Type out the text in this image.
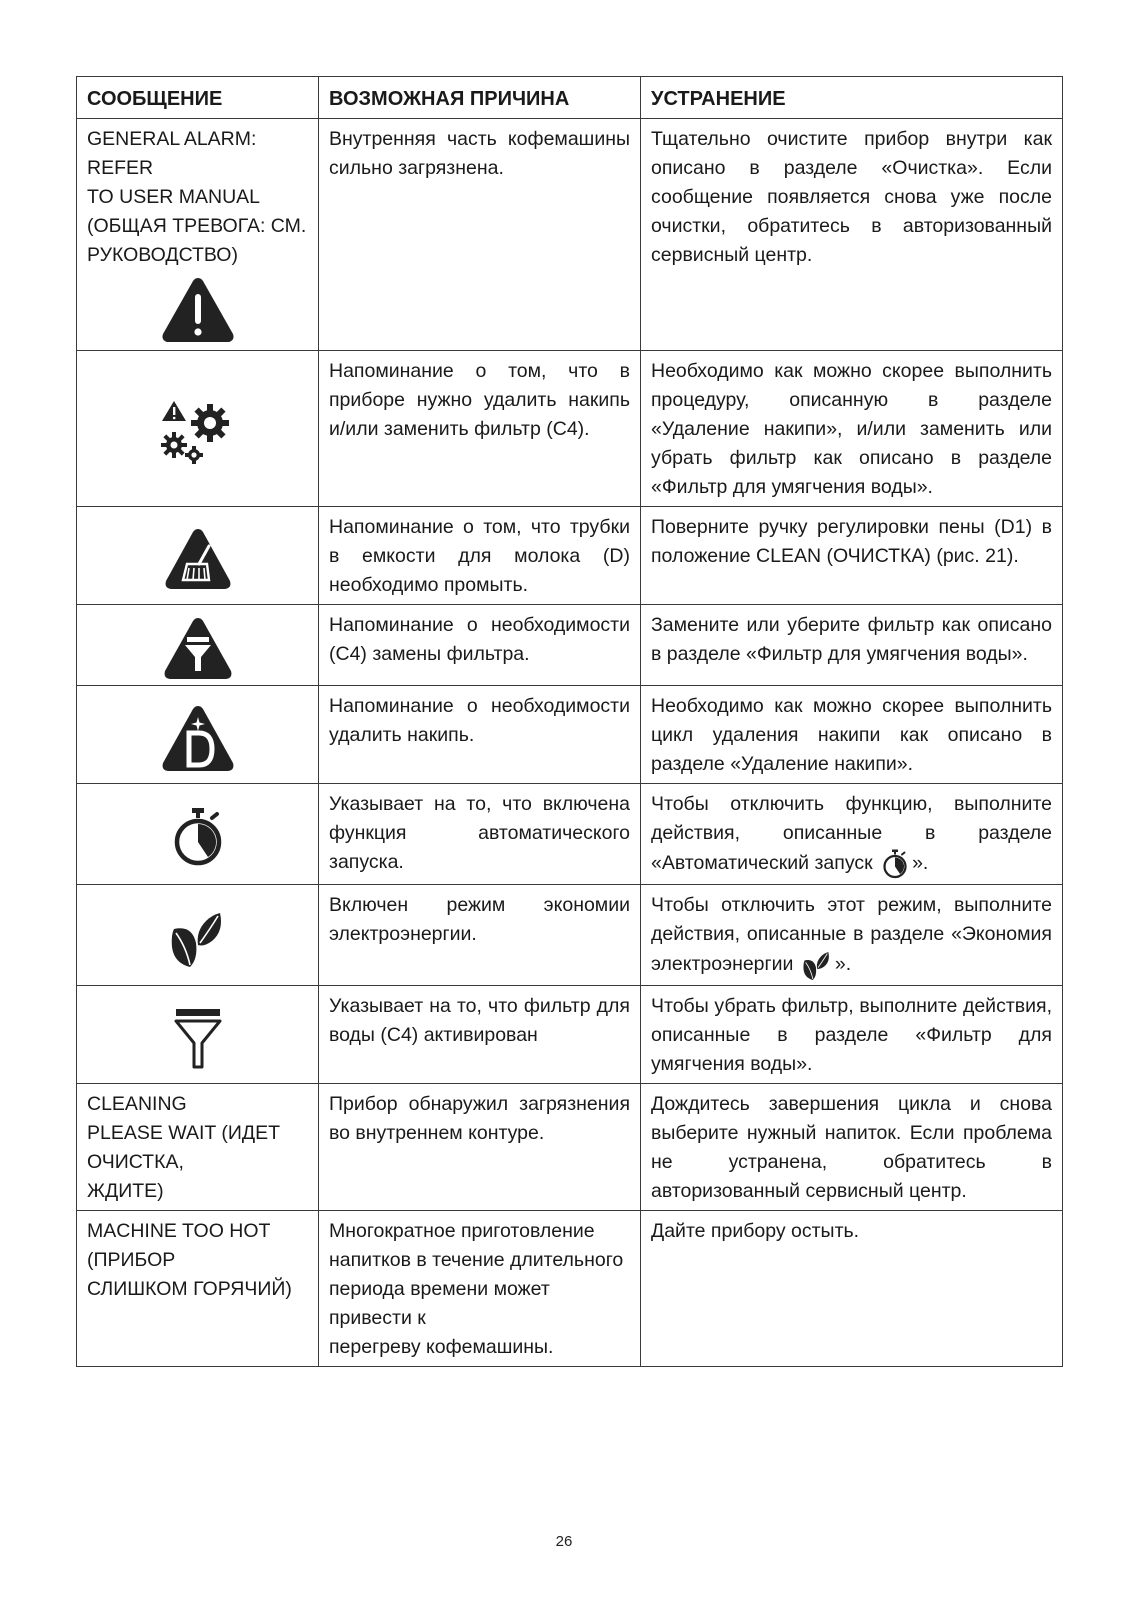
СООБЩЕНИЕ	ВОЗМОЖНАЯ ПРИЧИНА	УСТРАНЕНИЕ

GENERAL ALARM: REFER
TO USER MANUAL
(ОБЩАЯ ТРЕВОГА: СМ.
РУКОВОДСТВО)	Внутренняя часть кофемашины сильно загрязнена.	Тщательно очистите прибор внутри как описано в разделе «Очистка». Если сообщение появляется снова уже после очистки, обратитесь в авторизованный сервисный центр.

	Напоминание о том, что в приборе нужно удалить накипь и/или заменить фильтр (C4).	Необходимо как можно скорее выполнить процедуру, описанную в разделе «Удаление накипи», и/или заменить или убрать фильтр как описано в разделе «Фильтр для умягчения воды».

	Напоминание о том, что трубки в емкости для молока (D) необходимо промыть.	Поверните ручку регулировки пены (D1) в положение CLEAN (ОЧИСТКА) (рис. 21).

	Напоминание о необходимости (C4) замены фильтра.	Замените или уберите фильтр как описано в разделе «Фильтр для умягчения воды».

	Напоминание о необходимости удалить накипь.	Необходимо как можно скорее выполнить цикл удаления накипи как описано в разделе «Удаление накипи».

	Указывает на то, что включена функция автоматического запуска.	Чтобы отключить функцию, выполните действия, описанные в разделе «Автоматический запуск ».

	Включен режим экономии электроэнергии.	Чтобы отключить этот режим, выполните действия, описанные в разделе «Экономия электроэнергии ».

	Указывает на то, что фильтр для воды (C4) активирован	Чтобы убрать фильтр, выполните действия, описанные в разделе «Фильтр для умягчения воды».

CLEANING
PLEASE WAIT (ИДЕТ ОЧИСТКА,
ЖДИТЕ)	Прибор обнаружил загрязнения во внутреннем контуре.	Дождитесь завершения цикла и снова выберите нужный напиток. Если проблема не устранена, обратитесь в авторизованный сервисный центр.

MACHINE TOO HOT (ПРИБОР
СЛИШКОМ ГОРЯЧИЙ)	Многократное приготовление
напитков в течение длительного
периода времени может привести к
перегреву кофемашины.	Дайте прибору остыть.
26
